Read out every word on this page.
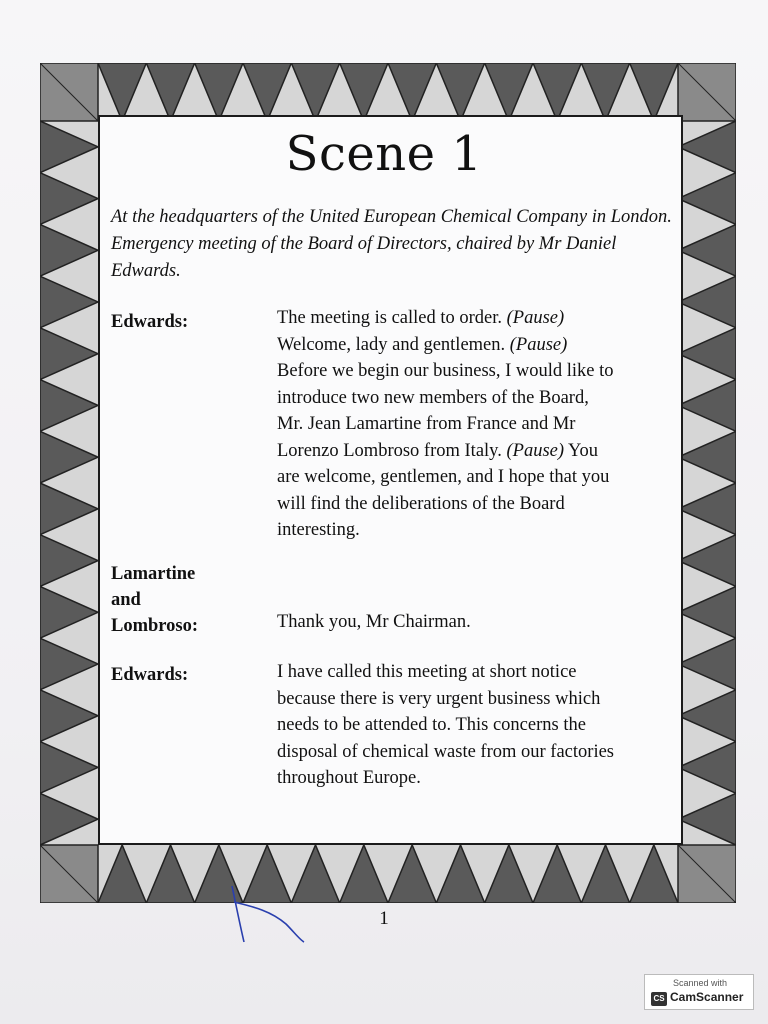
Scene 1
At the headquarters of the United European Chemical Company in London. Emergency meeting of the Board of Directors, chaired by Mr Daniel Edwards.
Edwards:	The meeting is called to order. (Pause)
Welcome, lady and gentlemen. (Pause)
Before we begin our business, I would like to
introduce two new members of the Board,
Mr. Jean Lamartine from France and Mr
Lorenzo Lombroso from Italy. (Pause) You
are welcome, gentlemen, and I hope that you
will find the deliberations of the Board
interesting.
Lamartine
and
Lombroso:	Thank you, Mr Chairman.
Edwards:	I have called this meeting at short notice
because there is very urgent business which
needs to be attended to. This concerns the
disposal of chemical waste from our factories
throughout Europe.
1
Scanned with
CS CamScanner
